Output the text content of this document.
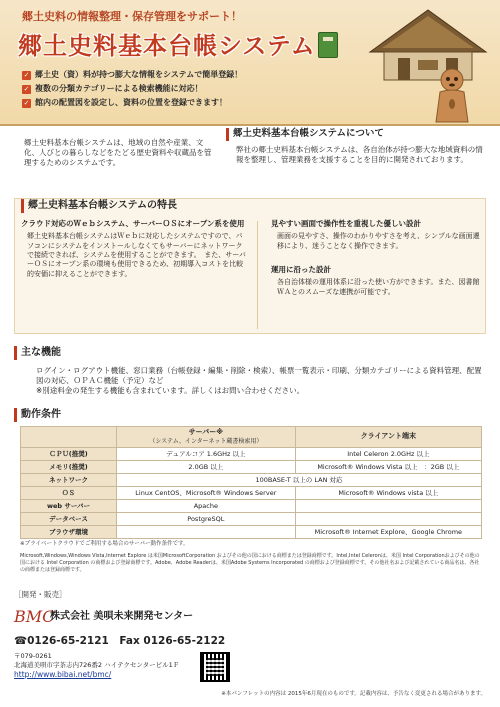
郷土史料の情報整理・保存管理をサポート！
郷土史料基本台帳システム
✓ 郷土史（資）料が持つ膨大な情報をシステムで簡単登録！
✓ 複数の分類カテゴリーによる検索機能に対応！
✓ 館内の配置図を設定し、資料の位置を登録できます！

郷土史料基本台帳システムは、地域の自然や産業、文化、人びとの暮らしなどをたどる歴史資料や収蔵品を管理するためのシステムです。

郷土史料基本台帳システムについて

弊社の郷土史料基本台帳システムは、各自治体が持つ膨大な地域資料の情報を整理し、管理業務を支援することを目的に開発されております。

郷土史料基本台帳システムの特長
クラウド対応のＷｅｂシステム、サーバーＯＳにオープン系を使用

郷土史料基本台帳システムはＷｅｂに対応したシステムですので、パソコンにシステムをインストールしなくてもサーバーにネットワークで接続できれば、システムを使用することができます。　また、サーバーＯＳにオープン系の環境も使用できるため、初期導入コストを比較的安価に抑えることができます。

見やすい画面で操作性を重視した優しい設計

画面の見やすさ、操作のわかりやすさを考え、シンプルな画面遷移により、迷うことなく操作できます。

運用に沿った設計

各自治体様の運用体系に沿った使い方ができます。また、図書館ＷＡとのスムーズな連携が可能です。

主な機能

ログイン・ログアウト機能、窓口業務（台帳登録・編集・削除・検索）、帳票一覧表示・印刷、分類カテゴリーによる資料管理、配置図の対応、ＯＰＡＣ機能（予定）など

※別途料金の発生する機能も含まれています。詳しくはお問い合わせください。

動作条件
	サーバー※
（システム、インターネット蔵書検索用）	クライアント端末
ＣＰＵ(推奨)	デュアルコア 1.6GHz 以上	Intel Celeron 2.0GHz 以上
メモリ(推奨)	2.0GB 以上	Microsoft® Windows Vista 以上　：2GB 以上
ネットワーク	100BASE-T 以上の LAN 対応	
ＯＳ	Linux CentOS、Microsoft® Windows Server	Microsoft® Windows vista 以上
web サーバー	Apache	
データベース	PostgreSQL	
ブラウザ環境		Microsoft® Internet Explore、Google Chrome
※プライベートクラウドでご利用する場合のサーバー動作条件です。
Microsoft,Windows,Windows Vista,Internet Explore は米国MicrosoftCorporation およびその他の国における商標または登録商標です。Intel,Intel Celeronは、米国 Intel Corporationおよびその他の国における Intel Corporation の商標および登録商標です。Adobe、Adobe Readerは、米国Adobe Systems Incorporated の商標および登録商標です。その他社名および記載されている商品名は、各社の商標または登録商標です。
［開発・販売］
BMC
株式会社 美唄未来開発センター
☎0126-65-2121　Fax 0126-65-2122
〒079-0261
北海道美唄市字茶志内726番2 ハイテクセンタービル1Ｆ
http://www.bibai.net/bmc/
※本パンフレットの内容は 2015年6月現在のものです。記載内容は、予告なく変更される場合があります。
